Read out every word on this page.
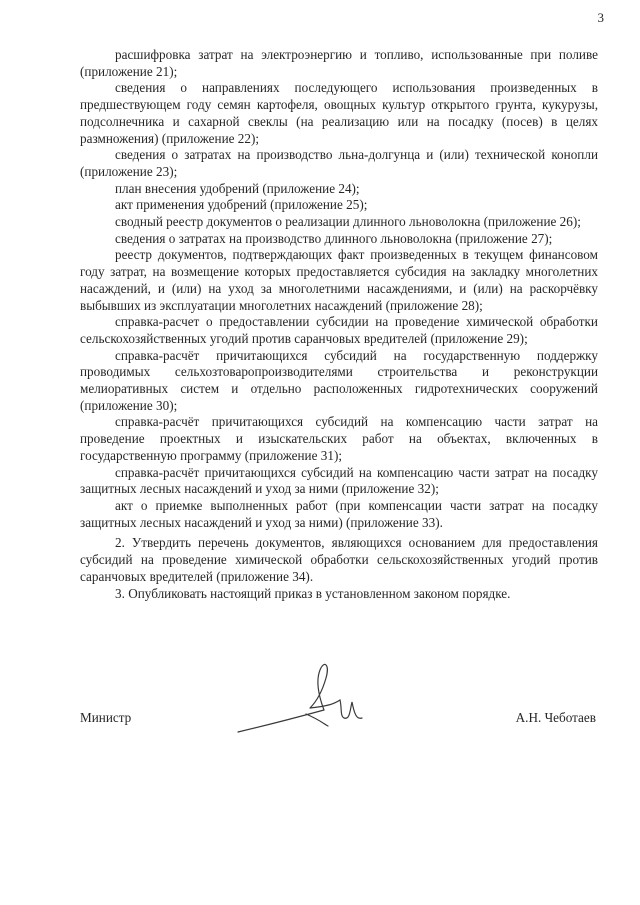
3

расшифровка затрат на электроэнергию и топливо, использованные при поливе (приложение 21);

сведения о направлениях последующего использования произведенных в предшествующем году семян картофеля, овощных культур открытого грунта, кукурузы, подсолнечника и сахарной свеклы (на реализацию или на посадку (посев) в целях размножения) (приложение 22);

сведения о затратах на производство льна-долгунца и (или) технической конопли (приложение 23);

план внесения удобрений (приложение 24);

акт применения удобрений (приложение 25);

сводный реестр документов о реализации длинного льноволокна (приложение 26);

сведения о затратах на производство длинного льноволокна (приложение 27);

реестр документов, подтверждающих факт произведенных в текущем финансовом году затрат, на возмещение которых предоставляется субсидия на закладку многолетних насаждений, и (или) на уход за многолетними насаждениями, и (или) на раскорчёвку выбывших из эксплуатации многолетних насаждений (приложение 28);

справка-расчет о предоставлении субсидии на проведение химической обработки сельскохозяйственных угодий против саранчовых вредителей (приложение 29);

справка-расчёт причитающихся субсидий на государственную поддержку проводимых сельхозтоваропроизводителями строительства и реконструкции мелиоративных систем и отдельно расположенных гидротехнических сооружений (приложение 30);

справка-расчёт причитающихся субсидий на компенсацию части затрат на проведение проектных и изыскательских работ на объектах, включенных в государственную программу (приложение 31);

справка-расчёт причитающихся субсидий на компенсацию части затрат на посадку защитных лесных насаждений и уход за ними (приложение 32);

акт о приемке выполненных работ (при компенсации части затрат на посадку защитных лесных насаждений и уход за ними) (приложение 33).

2. Утвердить перечень документов, являющихся основанием для предоставления субсидий на проведение химической обработки сельскохозяйственных угодий против саранчовых вредителей (приложение 34).

3. Опубликовать настоящий приказ в установленном законом порядке.

Министр	А.Н. Чеботаев
